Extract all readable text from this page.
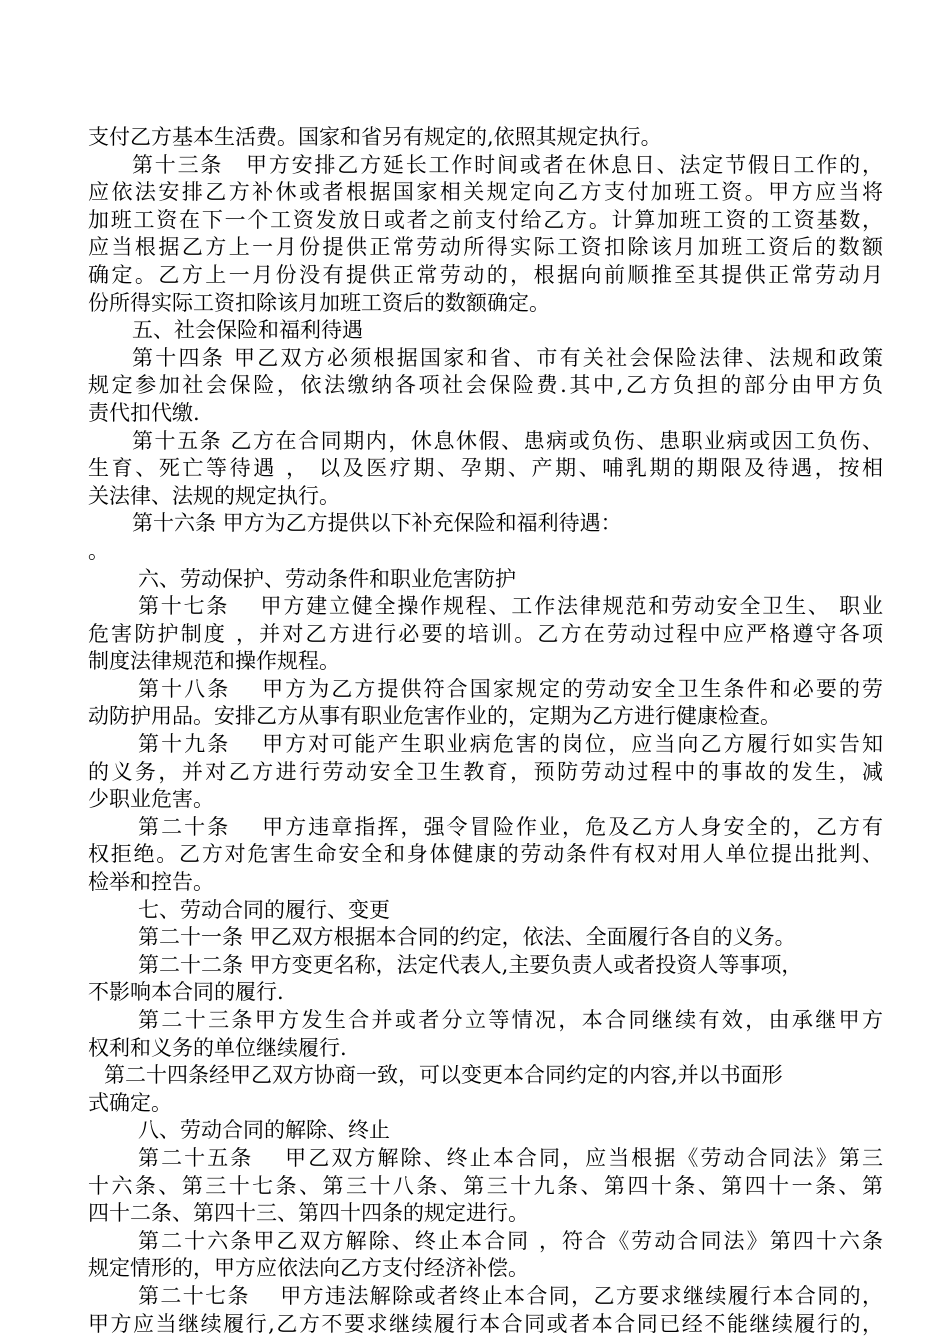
支付乙方基本生活费。国家和省另有规定的,依照其规定执行。
第十三条　甲方安排乙方延长工作时间或者在休息日、法定节假日工作的，
应依法安排乙方补休或者根据国家相关规定向乙方支付加班工资。甲方应当将
加班工资在下一个工资发放日或者之前支付给乙方。计算加班工资的工资基数，
应当根据乙方上一月份提供正常劳动所得实际工资扣除该月加班工资后的数额
确定。乙方上一月份没有提供正常劳动的，根据向前顺推至其提供正常劳动月
份所得实际工资扣除该月加班工资后的数额确定。
五、社会保险和福利待遇
第十四条 甲乙双方必须根据国家和省、市有关社会保险法律、法规和政策
规定参加社会保险，依法缴纳各项社会保险费.其中,乙方负担的部分由甲方负
责代扣代缴.
第十五条 乙方在合同期内，休息休假、患病或负伤、患职业病或因工负伤、
生育、死亡等待遇 ， 以及医疗期、孕期、产期、哺乳期的期限及待遇，按相
关法律、法规的规定执行。
第十六条 甲方为乙方提供以下补充保险和福利待遇：
。
六、劳动保护、劳动条件和职业危害防护
第十七条　 甲方建立健全操作规程、工作法律规范和劳动安全卫生、 职业
危害防护制度 ，并对乙方进行必要的培训。乙方在劳动过程中应严格遵守各项
制度法律规范和操作规程。
第十八条　 甲方为乙方提供符合国家规定的劳动安全卫生条件和必要的劳
动防护用品。安排乙方从事有职业危害作业的，定期为乙方进行健康检查。
第十九条　 甲方对可能产生职业病危害的岗位，应当向乙方履行如实告知
的义务，并对乙方进行劳动安全卫生教育，预防劳动过程中的事故的发生，减
少职业危害。
第二十条　 甲方违章指挥，强令冒险作业，危及乙方人身安全的，乙方有
权拒绝。乙方对危害生命安全和身体健康的劳动条件有权对用人单位提出批判、
检举和控告。
七、劳动合同的履行、变更
第二十一条 甲乙双方根据本合同的约定，依法、全面履行各自的义务。
第二十二条 甲方变更名称，法定代表人,主要负责人或者投资人等事项，
不影响本合同的履行.
第二十三条甲方发生合并或者分立等情况，本合同继续有效，由承继甲方
权利和义务的单位继续履行.
第二十四条经甲乙双方协商一致，可以变更本合同约定的内容,并以书面形
式确定。
八、劳动合同的解除、终止
第二十五条　 甲乙双方解除、终止本合同，应当根据《劳动合同法》第三
十六条、第三十七条、第三十八条、第三十九条、第四十条、第四十一条、第
四十二条、第四十三、第四十四条的规定进行。
第二十六条甲乙双方解除、终止本合同 ，符合《劳动合同法》第四十六条
规定情形的，甲方应依法向乙方支付经济补偿。
第二十七条　 甲方违法解除或者终止本合同，乙方要求继续履行本合同的，
甲方应当继续履行,乙方不要求继续履行本合同或者本合同已经不能继续履行的，
